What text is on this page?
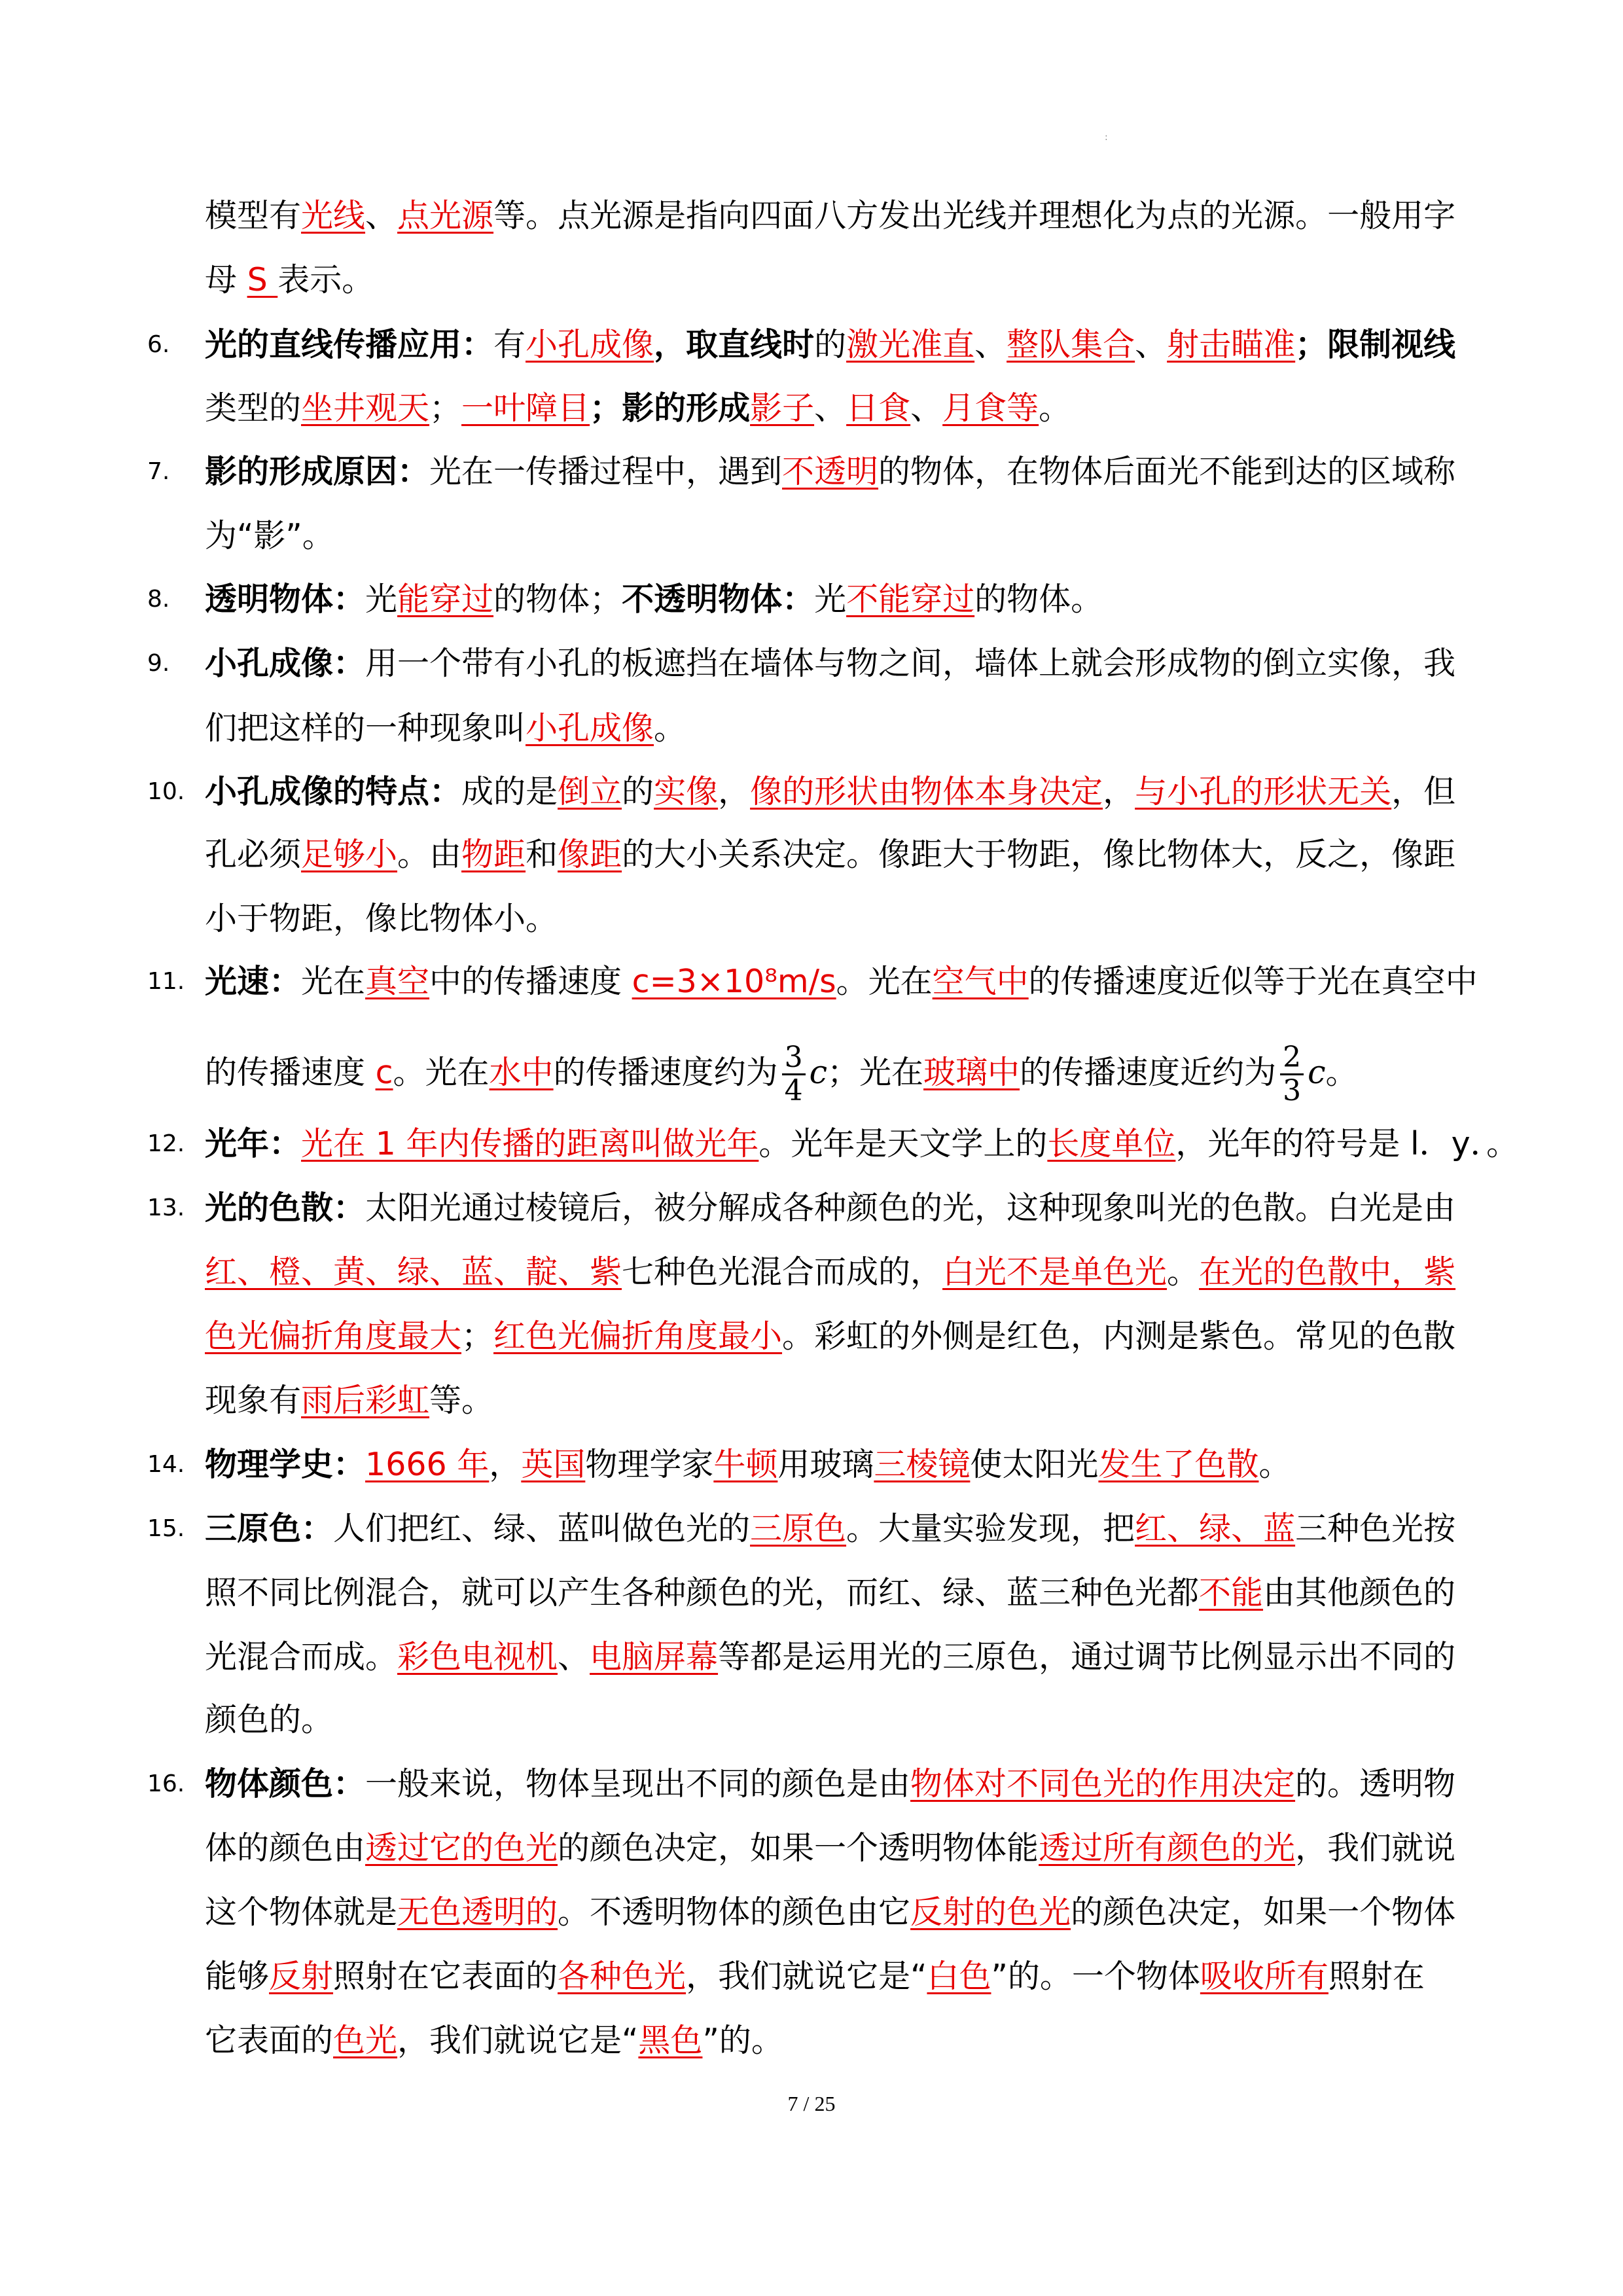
:
模型有光线、点光源等。点光源是指向四面八方发出光线并理想化为点的光源。一般用字
母 S 表示。
6. 光的直线传播应用：有小孔成像，取直线时的激光准直、整队集合、射击瞄准；限制视线
类型的坐井观天；一叶障目；影的形成影子、日食、月食等。
7. 影的形成原因：光在一传播过程中，遇到不透明的物体，在物体后面光不能到达的区域称
为“影”。
8. 透明物体：光能穿过的物体；不透明物体：光不能穿过的物体。
9. 小孔成像：用一个带有小孔的板遮挡在墙体与物之间，墙体上就会形成物的倒立实像，我
们把这样的一种现象叫小孔成像。
10. 小孔成像的特点：成的是倒立的实像，像的形状由物体本身决定，与小孔的形状无关，但
孔必须足够小。由物距和像距的大小关系决定。像距大于物距，像比物体大，反之，像距
小于物距，像比物体小。
11. 光速：光在真空中的传播速度 c=3×10⁸m/s。光在空气中的传播速度近似等于光在真空中
的传播速度 c。光在水中的传播速度约为 $\frac{3}{4}$ c；光在玻璃中的传播速度近约为 $\frac{2}{3}$ c。
12. 光年：光在 1 年内传播的距离叫做光年。光年是天文学上的长度单位，光年的符号是 l．y．。
13. 光的色散：太阳光通过棱镜后，被分解成各种颜色的光，这种现象叫光的色散。白光是由
红、橙、黄、绿、蓝、靛、紫七种色光混合而成的，白光不是单色光。在光的色散中，紫
色光偏折角度最大；红色光偏折角度最小。彩虹的外侧是红色，内测是紫色。常见的色散
现象有雨后彩虹等。
14. 物理学史：1666 年，英国物理学家牛顿用玻璃三棱镜使太阳光发生了色散。
15. 三原色：人们把红、绿、蓝叫做色光的三原色。大量实验发现，把红、绿、蓝三种色光按
照不同比例混合，就可以产生各种颜色的光，而红、绿、蓝三种色光都不能由其他颜色的
光混合而成。彩色电视机、电脑屏幕等都是运用光的三原色，通过调节比例显示出不同的
颜色的。
16. 物体颜色：一般来说，物体呈现出不同的颜色是由物体对不同色光的作用决定的。透明物
体的颜色由透过它的色光的颜色决定，如果一个透明物体能透过所有颜色的光，我们就说
这个物体就是无色透明的。不透明物体的颜色由它反射的色光的颜色决定，如果一个物体
能够反射照射在它表面的各种色光，我们就说它是“白色”的。一个物体吸收所有照射在
它表面的色光，我们就说它是“黑色”的。
7 / 25
